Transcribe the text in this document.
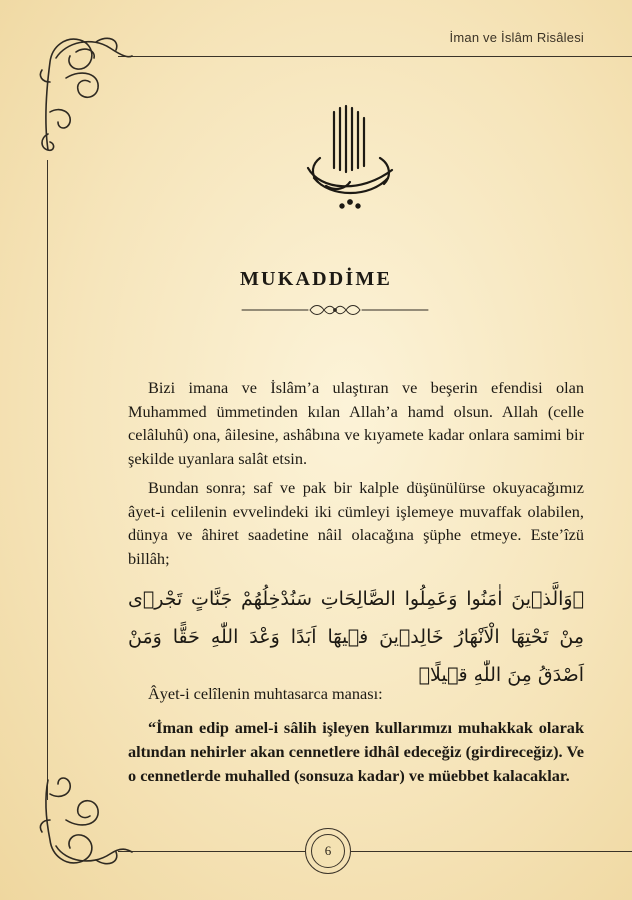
İman ve İslâm Risâlesi
MUKADDİME

Bizi imana ve İslâm’a ulaştıran ve beşerin efendisi olan Muhammed ümmetinden kılan Allah’a hamd olsun. Allah (celle celâluhû) ona, âilesine, ashâbına ve kıyamete kadar onlara samimi bir şekilde uyanlara salât etsin.

Bundan sonra; saf ve pak bir kalple düşünülürse okuyacağımız âyet-i celilenin evvelindeki iki cümleyi işlemeye muvaffak olabilen, dünya ve âhiret saadetine nâil olacağına şüphe etmeye. Este’îzü billâh;

﴿وَالَّذٖينَ اٰمَنُوا وَعَمِلُوا الصَّالِحَاتِ سَنُدْخِلُهُمْ جَنَّاتٍ تَجْرٖى مِنْ تَحْتِهَا الْاَنْهَارُ خَالِدٖينَ فٖيهَٓا اَبَدًا وَعْدَ اللّٰهِ حَقًّا وَمَنْ اَصْدَقُ مِنَ اللّٰهِ قٖيلًا﴾

Âyet-i celîlenin muhtasarca manası:

“İman edip amel-i sâlih işleyen kullarımızı muhakkak olarak altından nehirler akan cennetlere idhâl edeceğiz (girdireceğiz). Ve o cennetlerde muhalled (sonsuza kadar) ve müebbet kalacaklar.

6
